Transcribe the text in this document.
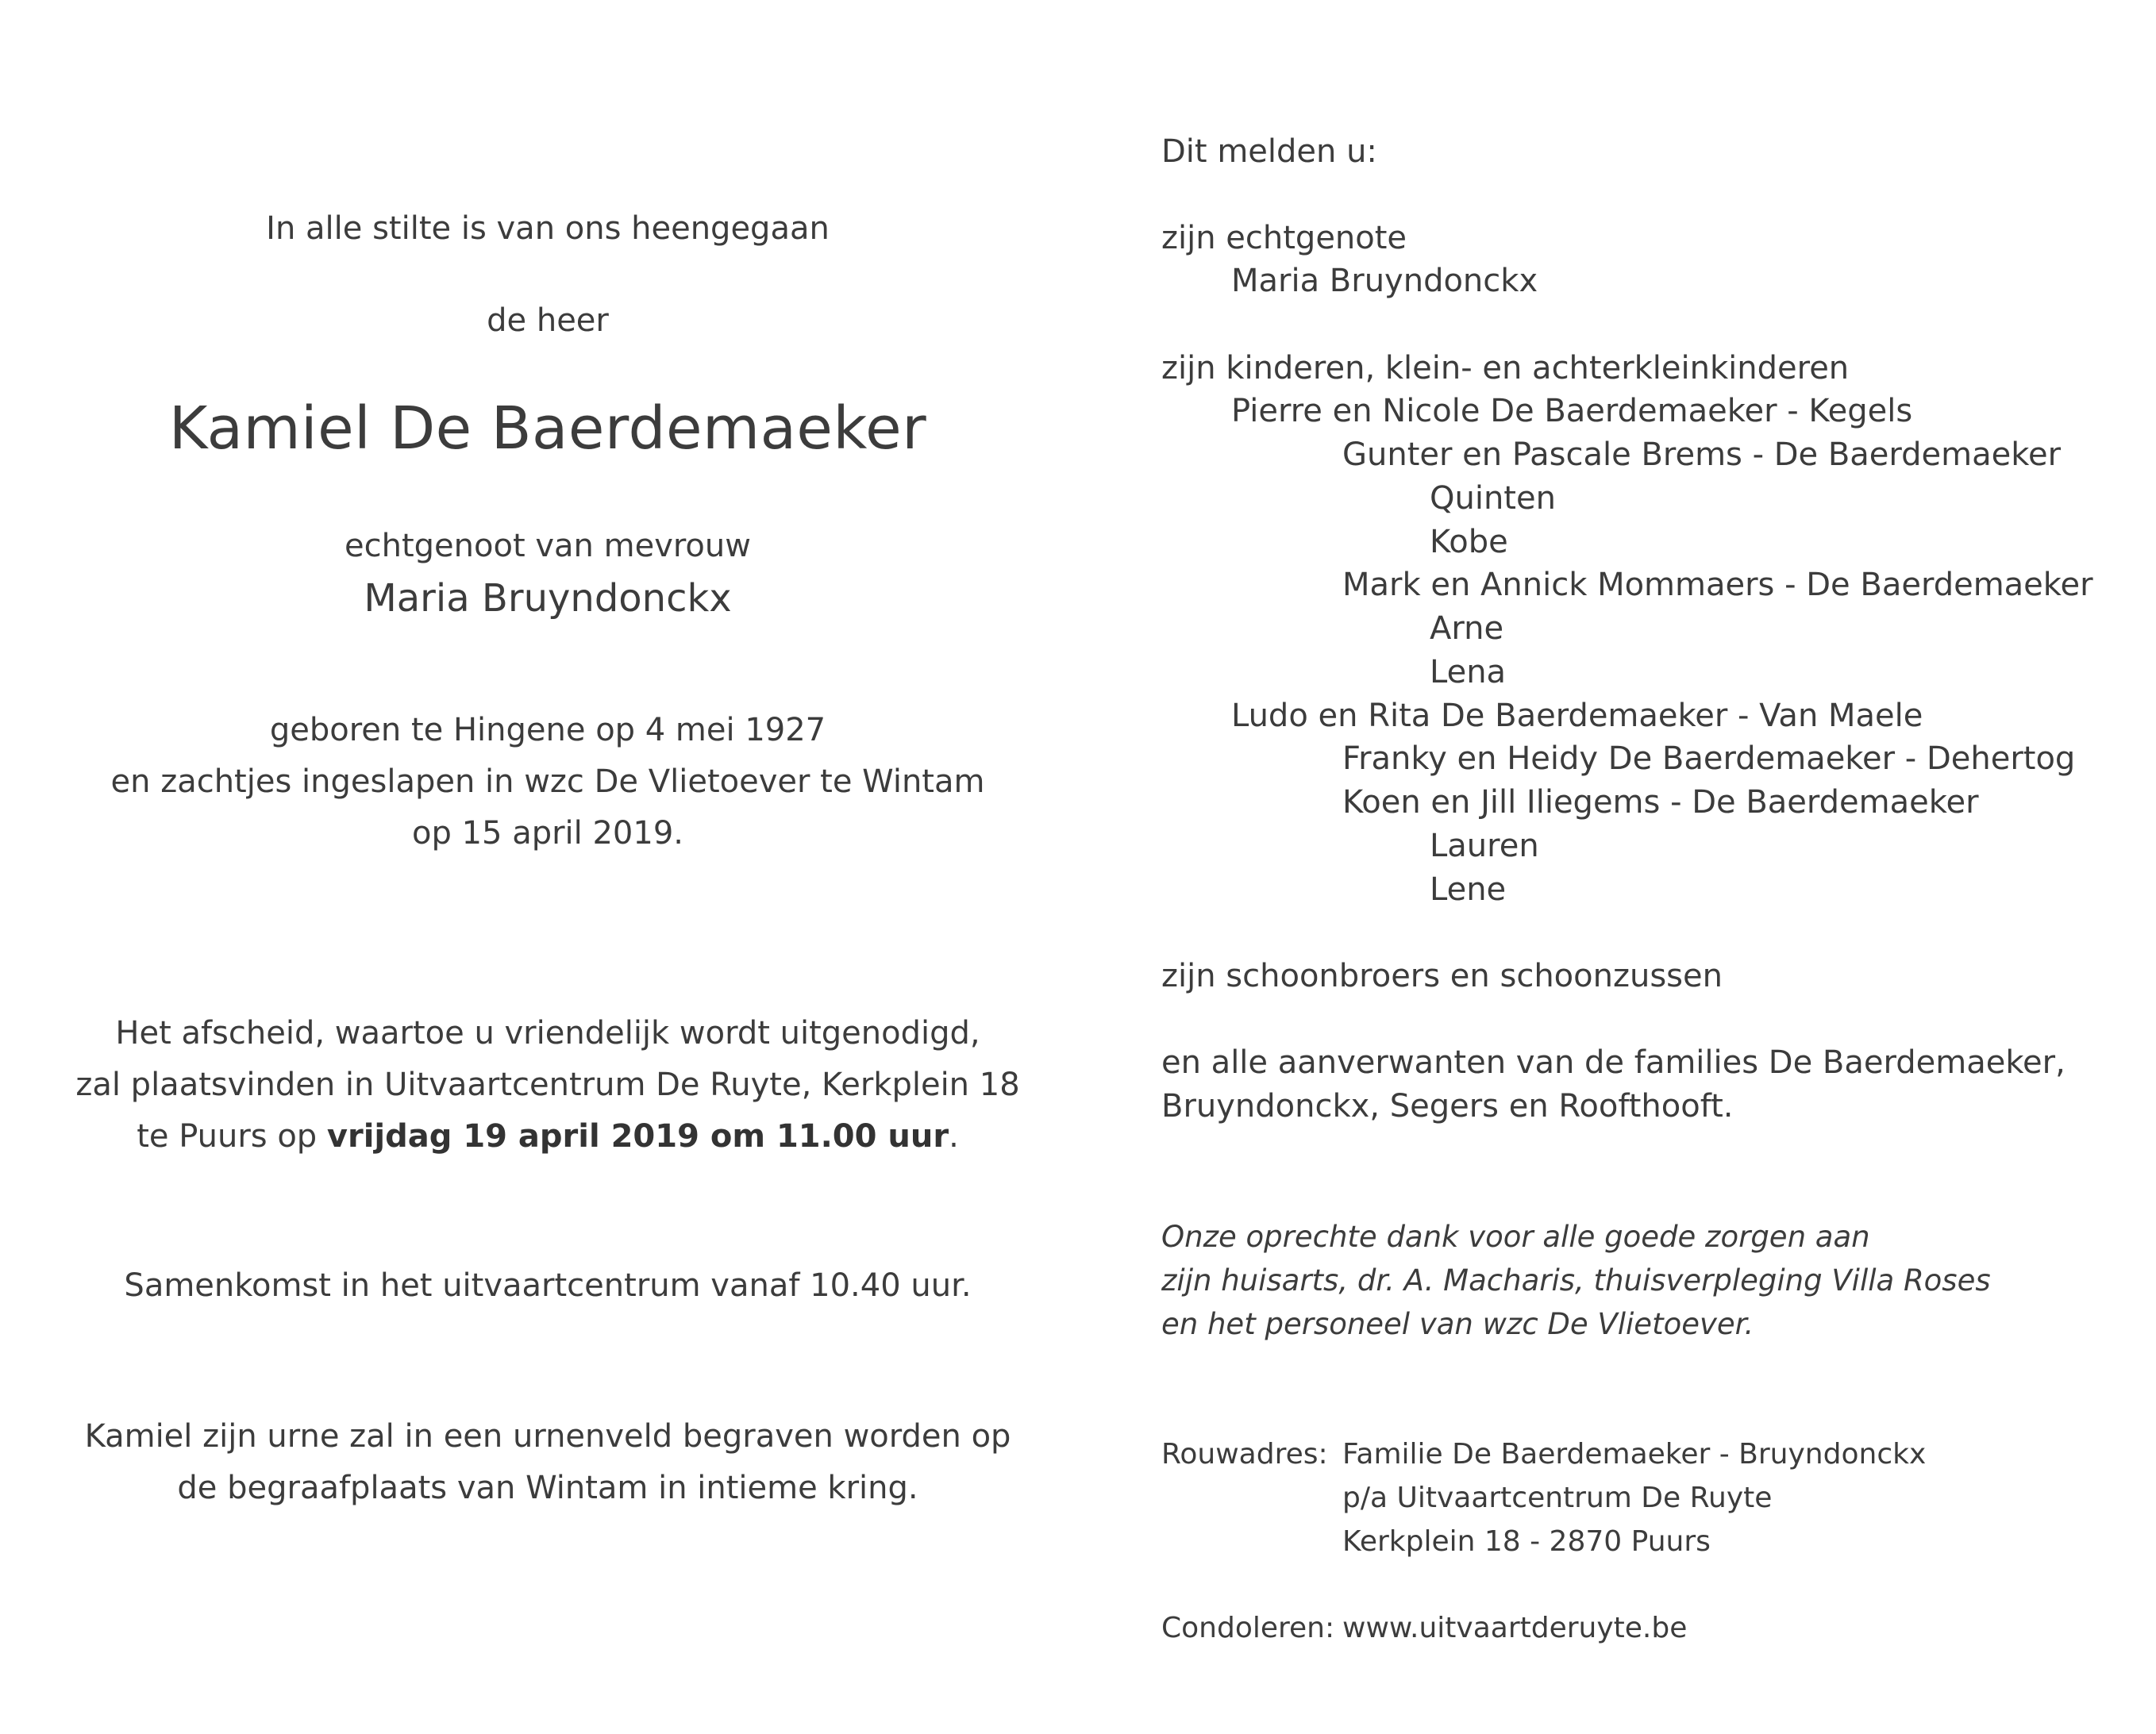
In alle stilte is van ons heengegaan
de heer
Kamiel De Baerdemaeker
echtgenoot van mevrouw
Maria Bruyndonckx
geboren te Hingene op 4 mei 1927
en zachtjes ingeslapen in wzc De Vlietoever te Wintam
op 15 april 2019.
Het afscheid, waartoe u vriendelijk wordt uitgenodigd,
zal plaatsvinden in Uitvaartcentrum De Ruyte, Kerkplein 18
te Puurs op vrijdag 19 april 2019 om 11.00 uur.
Samenkomst in het uitvaartcentrum vanaf 10.40 uur.
Kamiel zijn urne zal in een urnenveld begraven worden op
de begraafplaats van Wintam in intieme kring.
Dit melden u:
zijn echtgenote
Maria Bruyndonckx
zijn kinderen, klein- en achterkleinkinderen
Pierre en Nicole De Baerdemaeker - Kegels
Gunter en Pascale Brems - De Baerdemaeker
Quinten
Kobe
Mark en Annick Mommaers - De Baerdemaeker
Arne
Lena
Ludo en Rita De Baerdemaeker - Van Maele
Franky en Heidy De Baerdemaeker - Dehertog
Koen en Jill Iliegems - De Baerdemaeker
Lauren
Lene
zijn schoonbroers en schoonzussen
en alle aanverwanten van de families De Baerdemaeker,
Bruyndonckx, Segers en Roofthooft.
Onze oprechte dank voor alle goede zorgen aan
zijn huisarts, dr. A. Macharis, thuisverpleging Villa Roses
en het personeel van wzc De Vlietoever.
Rouwadres: Familie De Baerdemaeker - Bruyndonckx
p/a Uitvaartcentrum De Ruyte
Kerkplein 18 - 2870 Puurs
Condoleren: www.uitvaartderuyte.be
